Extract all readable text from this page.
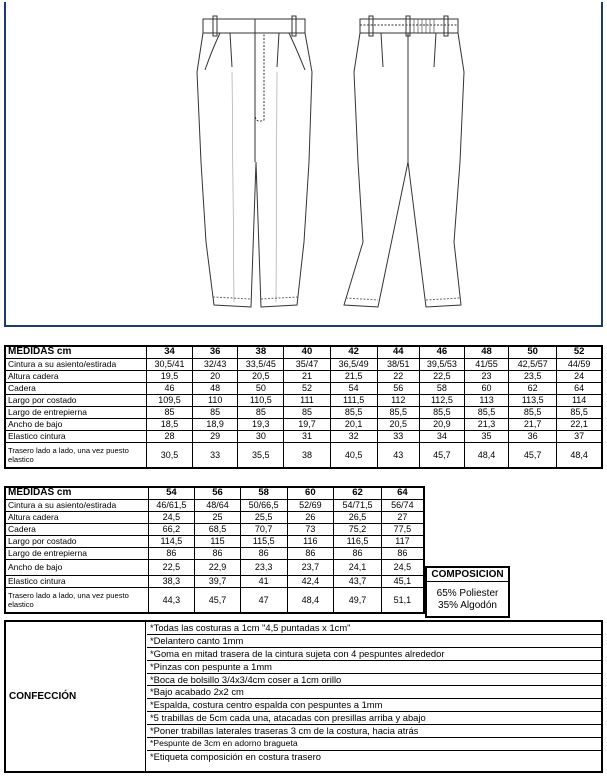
MEDIDAS cm	34	36	38	40	42	44	46	48	50	52
Cintura a su asiento/estirada	30,5/41	32/43	33,5/45	35/47	36,5/49	38/51	39,5/53	41/55	42,5/57	44/59
Altura cadera	19,5	20	20,5	21	21,5	22	22,5	23	23,5	24
Cadera	46	48	50	52	54	56	58	60	62	64
Largo por costado	109,5	110	110,5	111	111,5	112	112,5	113	113,5	114
Largo de entrepierna	85	85	85	85	85,5	85,5	85,5	85,5	85,5	85,5
Ancho de bajo	18,5	18,9	19,3	19,7	20,1	20,5	20,9	21,3	21,7	22,1
Elastico cintura	28	29	30	31	32	33	34	35	36	37
Trasero lado a lado, una vez puesto elastico	30,5	33	35,5	38	40,5	43	45,7	48,4	45,7	48,4
MEDIDAS cm	54	56	58	60	62	64
Cintura a su asiento/estirada	46/61,5	48/64	50/66,5	52/69	54/71,5	56/74
Altura cadera	24,5	25	25,5	26	26,5	27
Cadera	66,2	68,5	70,7	73	75,2	77,5
Largo por costado	114,5	115	115,5	116	116,5	117
Largo de entrepierna	86	86	86	86	86	86
Ancho de bajo	22,5	22,9	23,3	23,7	24,1	24,5
Elastico cintura	38,3	39,7	41	42,4	43,7	45,1
Trasero lado a lado, una vez puesto elastico	44,3	45,7	47	48,4	49,7	51,1
COMPOSICION
65% Poliester
35% Algodón
CONFECCIÓN
*Todas las costuras a 1cm "4,5 puntadas x 1cm"
*Delantero canto 1mm
*Goma en mitad trasera de la cintura sujeta con 4 pespuntes alrededor
*Pinzas con pespunte a 1mm
*Boca de bolsillo 3/4x3/4cm coser a 1cm orillo
*Bajo acabado 2x2 cm
*Espalda, costura centro espalda con pespuntes a 1mm
*5 trabillas de 5cm cada una, atacadas con presillas arriba y abajo
*Poner trabillas laterales traseras 3 cm de la costura, hacia atrás
*Pespunte de 3cm en adorno bragueta
*Etiqueta composición en costura trasero
